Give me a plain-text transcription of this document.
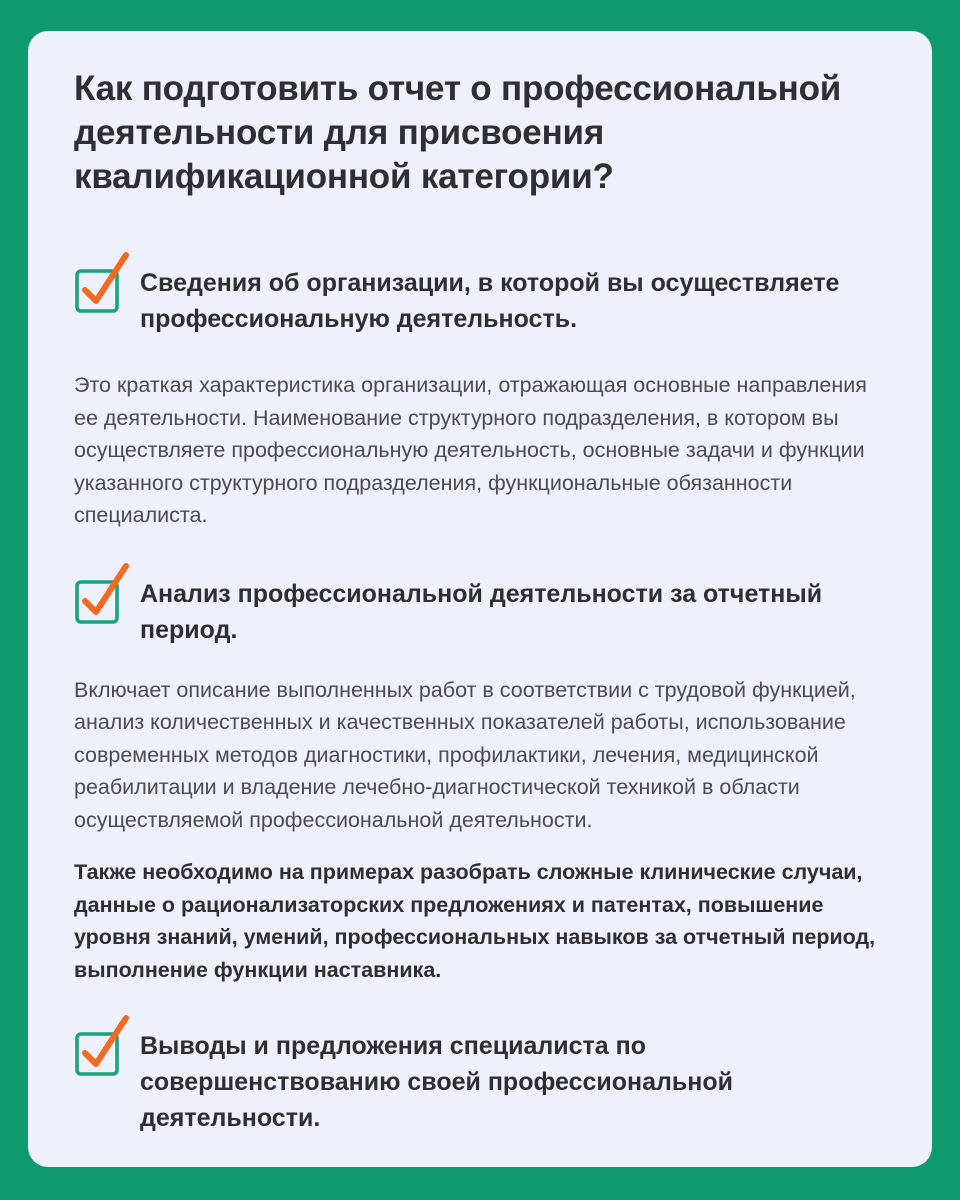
Как подготовить отчет о профессиональной деятельности для присвоения квалификационной категории?
Сведения об организации, в которой вы осуществляете профессиональную деятельность.

Это краткая характеристика организации, отражающая основные направления ее деятельности. Наименование структурного подразделения, в котором вы осуществляете профессиональную деятельность, основные задачи и функции указанного структурного подразделения, функциональные обязанности специалиста.

Анализ профессиональной деятельности за отчетный период.

Включает описание выполненных работ в соответствии с трудовой функцией, анализ количественных и качественных показателей работы, использование современных методов диагностики, профилактики, лечения, медицинской реабилитации и владение лечебно-диагностической техникой в области осуществляемой профессиональной деятельности.

Также необходимо на примерах разобрать сложные клинические случаи, данные о рационализаторских предложениях и патентах, повышение уровня знаний, умений, профессиональных навыков за отчетный период, выполнение функции наставника.

Выводы и предложения специалиста по совершенствованию своей профессиональной деятельности.
